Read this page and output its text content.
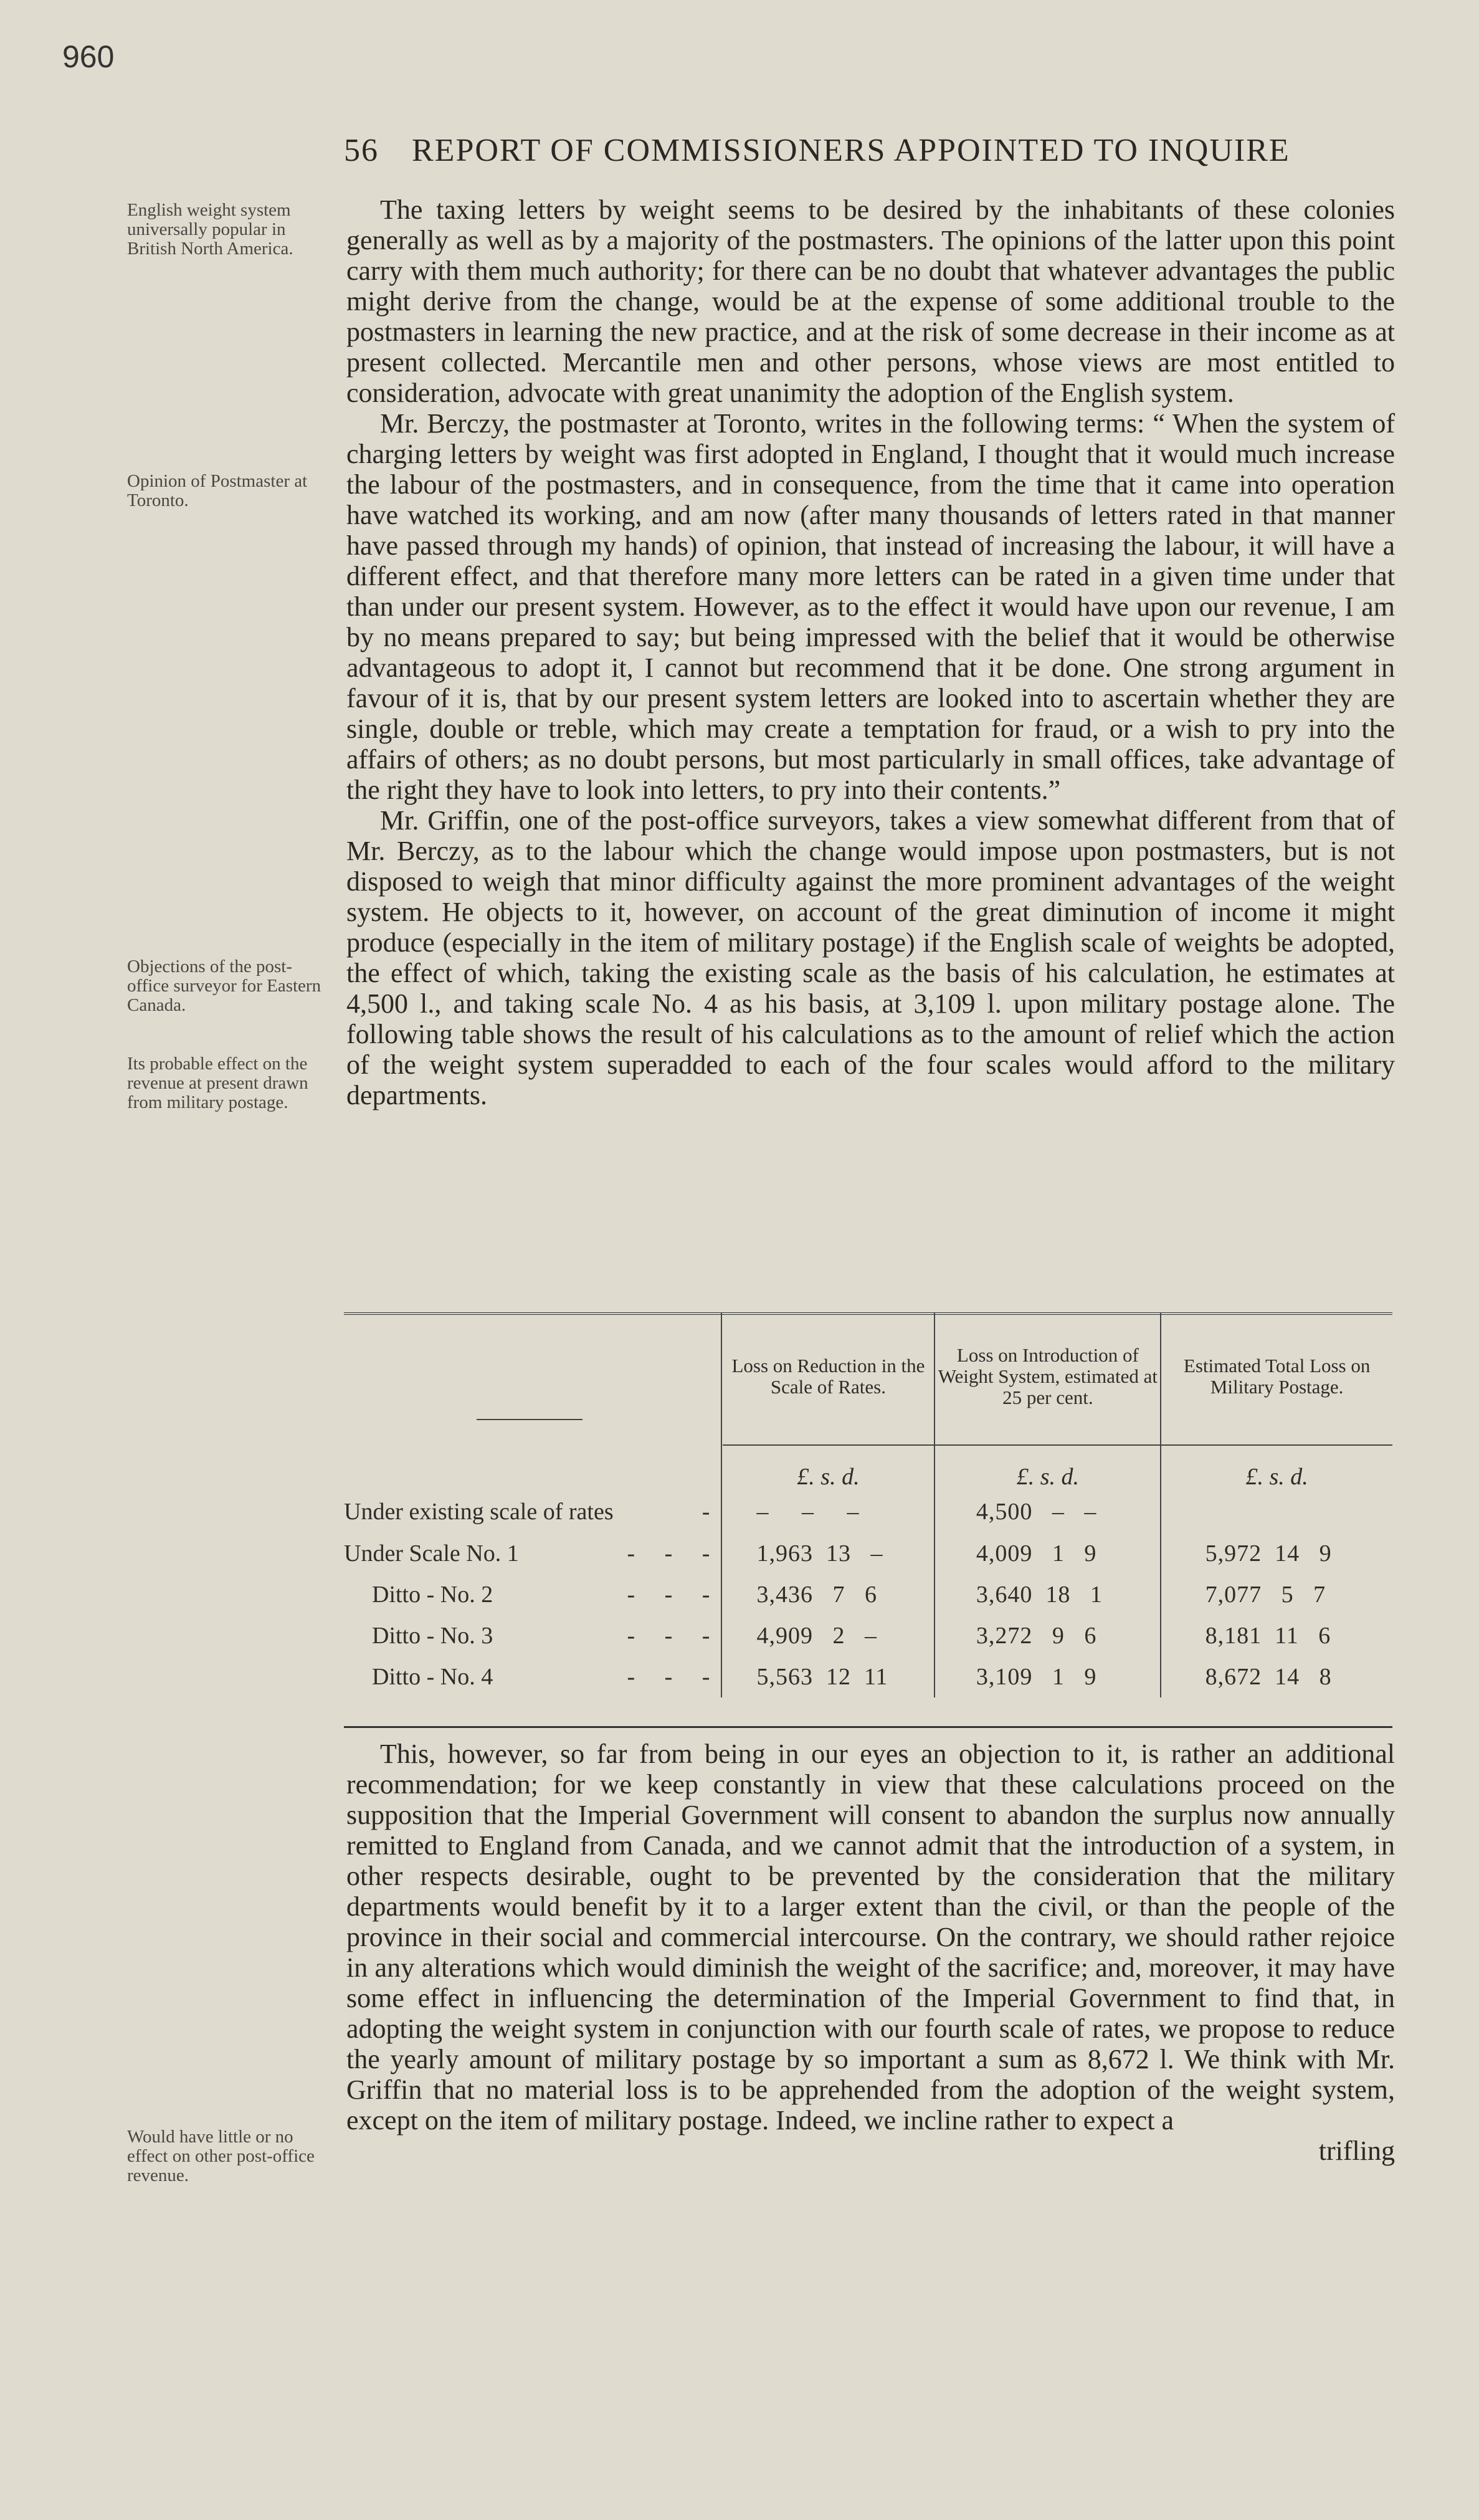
960
56 REPORT OF COMMISSIONERS APPOINTED TO INQUIRE
English weight system universally popular in British North America.
Opinion of Postmaster at Toronto.
Objections of the post-office surveyor for Eastern Canada.
Its probable effect on the revenue at present drawn from military postage.
Would have little or no effect on other post-office revenue.

The taxing letters by weight seems to be desired by the inhabitants of these colonies generally as well as by a majority of the postmasters. The opinions of the latter upon this point carry with them much authority; for there can be no doubt that whatever advantages the public might derive from the change, would be at the expense of some additional trouble to the postmasters in learning the new practice, and at the risk of some decrease in their income as at present collected. Mercantile men and other persons, whose views are most entitled to consideration, advocate with great unanimity the adoption of the English system.

Mr. Berczy, the postmaster at Toronto, writes in the following terms: “ When the system of charging letters by weight was first adopted in England, I thought that it would much increase the labour of the postmasters, and in consequence, from the time that it came into operation have watched its working, and am now (after many thousands of letters rated in that manner have passed through my hands) of opinion, that instead of increasing the labour, it will have a different effect, and that therefore many more letters can be rated in a given time under that than under our present system. However, as to the effect it would have upon our revenue, I am by no means prepared to say; but being impressed with the belief that it would be otherwise advantageous to adopt it, I cannot but recommend that it be done. One strong argument in favour of it is, that by our present system letters are looked into to ascertain whether they are single, double or treble, which may create a temptation for fraud, or a wish to pry into the affairs of others; as no doubt persons, but most particularly in small offices, take advantage of the right they have to look into letters, to pry into their contents.”

Mr. Griffin, one of the post-office surveyors, takes a view somewhat different from that of Mr. Berczy, as to the labour which the change would impose upon postmasters, but is not disposed to weigh that minor difficulty against the more prominent advantages of the weight system. He objects to it, however, on account of the great diminution of income it might produce (especially in the item of military postage) if the English scale of weights be adopted, the effect of which, taking the existing scale as the basis of his calculation, he estimates at 4,500 l., and taking scale No. 4 as his basis, at 3,109 l. upon military postage alone. The following table shows the result of his calculations as to the amount of relief which the action of the weight system superadded to each of the four scales would afford to the military departments.

	Loss on Reduction in the Scale of Rates.	Loss on Introduction of Weight System, estimated at 25 per cent.	Estimated Total Loss on Military Postage.
	£. s. d.	£. s. d.	£. s. d.
Under existing scale of rates -	–     –     –	4,500   –   –	
Under Scale No. 1 -     -     -	1,963  13   –	4,009   1   9	5,972  14   9
Ditto - No. 2 -     -     -	3,436   7   6	3,640  18   1	7,077   5   7
Ditto - No. 3 -     -     -	4,909   2   –	3,272   9   6	8,181  11   6
Ditto - No. 4 -     -     -	5,563  12  11	3,109   1   9	8,672  14   8

This, however, so far from being in our eyes an objection to it, is rather an additional recommendation; for we keep constantly in view that these calculations proceed on the supposition that the Imperial Government will consent to abandon the surplus now annually remitted to England from Canada, and we cannot admit that the introduction of a system, in other respects desirable, ought to be prevented by the consideration that the military departments would benefit by it to a larger extent than the civil, or than the people of the province in their social and commercial intercourse. On the contrary, we should rather rejoice in any alterations which would diminish the weight of the sacrifice; and, moreover, it may have some effect in influencing the determination of the Imperial Government to find that, in adopting the weight system in conjunction with our fourth scale of rates, we propose to reduce the yearly amount of military postage by so important a sum as 8,672 l. We think with Mr. Griffin that no material loss is to be apprehended from the adoption of the weight system, except on the item of military postage. Indeed, we incline rather to expect a

trifling
